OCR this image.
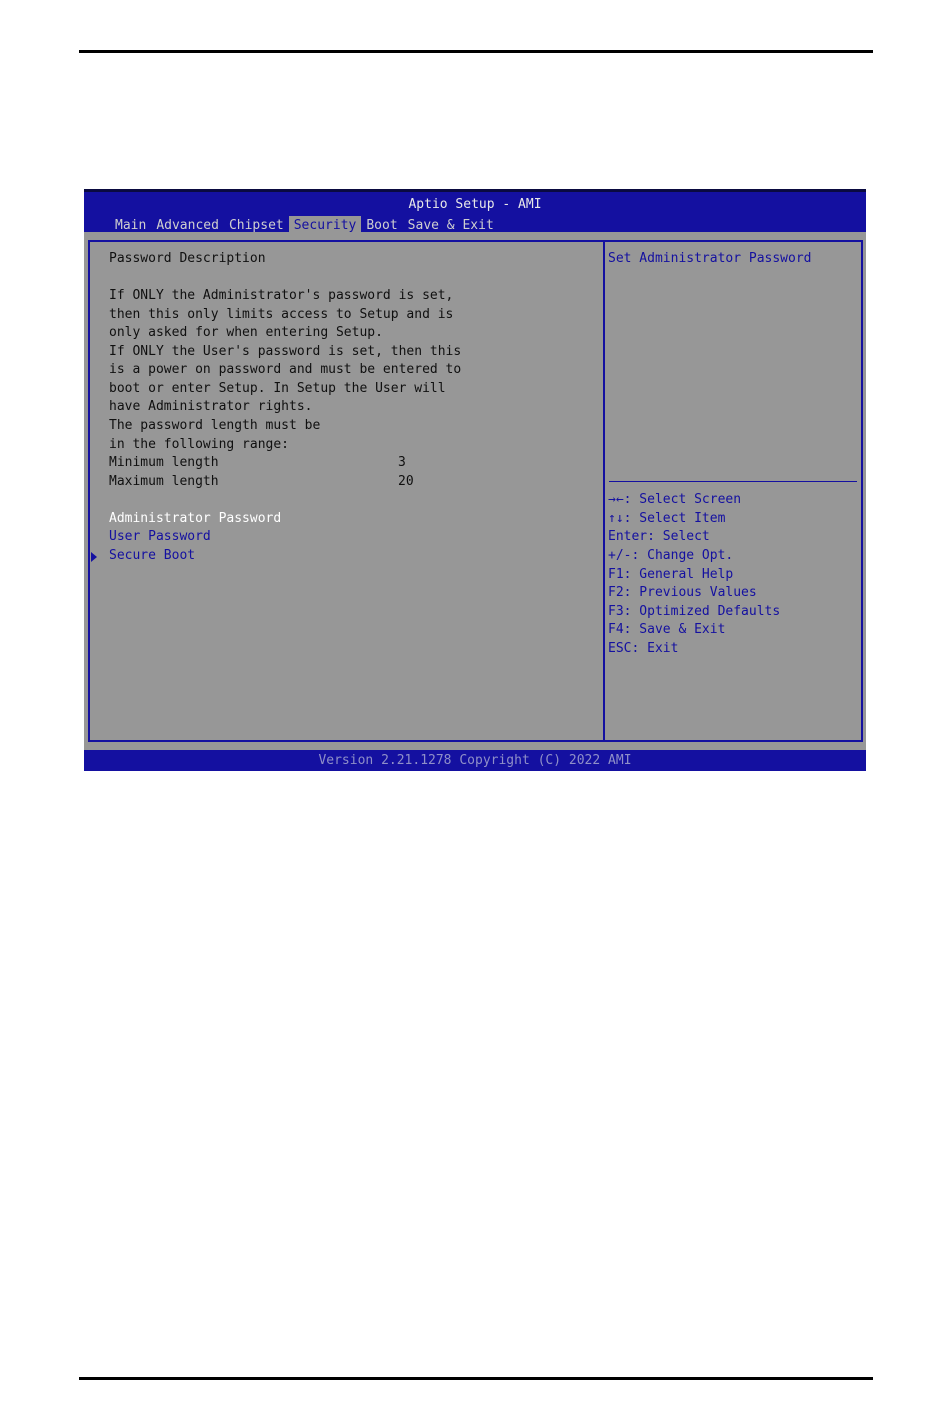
Aptio Setup - AMI
Main Advanced Chipset Security Boot Save & Exit
Password Description
If ONLY the Administrator's password is set,
then this only limits access to Setup and is
only asked for when entering Setup.
If ONLY the User's password is set, then this
is a power on password and must be entered to
boot or enter Setup. In Setup the User will
have Administrator rights.
The password length must be
in the following range:
Minimum length	3
Maximum length	20
Administrator Password
User Password
Secure Boot
Set Administrator Password
→←: Select Screen
↑↓: Select Item
Enter: Select
+/-: Change Opt.
F1: General Help
F2: Previous Values
F3: Optimized Defaults
F4: Save & Exit
ESC: Exit
Version 2.21.1278 Copyright (C) 2022 AMI
